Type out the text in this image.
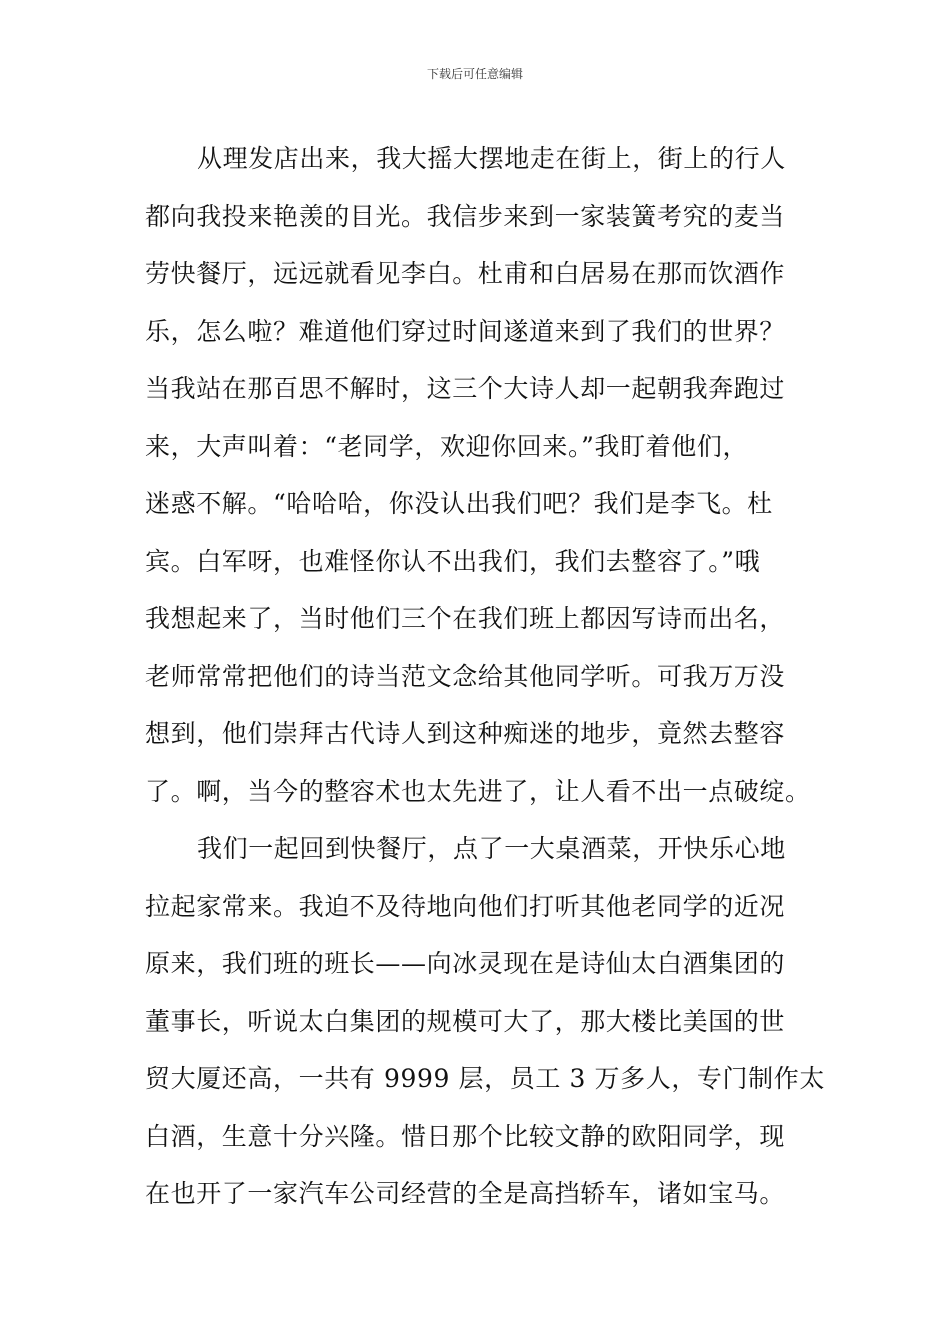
下载后可任意编辑
从理发店出来，我大摇大摆地走在街上，街上的行人
都向我投来艳羡的目光。我信步来到一家装簧考究的麦当
劳快餐厅，远远就看见李白。杜甫和白居易在那而饮酒作
乐，怎么啦？难道他们穿过时间遂道来到了我们的世界？
当我站在那百思不解时，这三个大诗人却一起朝我奔跑过
来，大声叫着：“老同学，欢迎你回来。”我盯着他们，
迷惑不解。“哈哈哈，你没认出我们吧？我们是李飞。杜
宾。白军呀，也难怪你认不出我们，我们去整容了。”哦
我想起来了，当时他们三个在我们班上都因写诗而出名，
老师常常把他们的诗当范文念给其他同学听。可我万万没
想到，他们崇拜古代诗人到这种痴迷的地步，竟然去整容
了。啊，当今的整容术也太先进了，让人看不出一点破绽。
我们一起回到快餐厅，点了一大桌酒菜，开快乐心地
拉起家常来。我迫不及待地向他们打听其他老同学的近况
原来，我们班的班长——向冰灵现在是诗仙太白酒集团的
董事长，听说太白集团的规模可大了，那大楼比美国的世
贸大厦还高，一共有 9999 层，员工 3 万多人，专门制作太
白酒，生意十分兴隆。惜日那个比较文静的欧阳同学，现
在也开了一家汽车公司经营的全是高挡轿车，诸如宝马。
